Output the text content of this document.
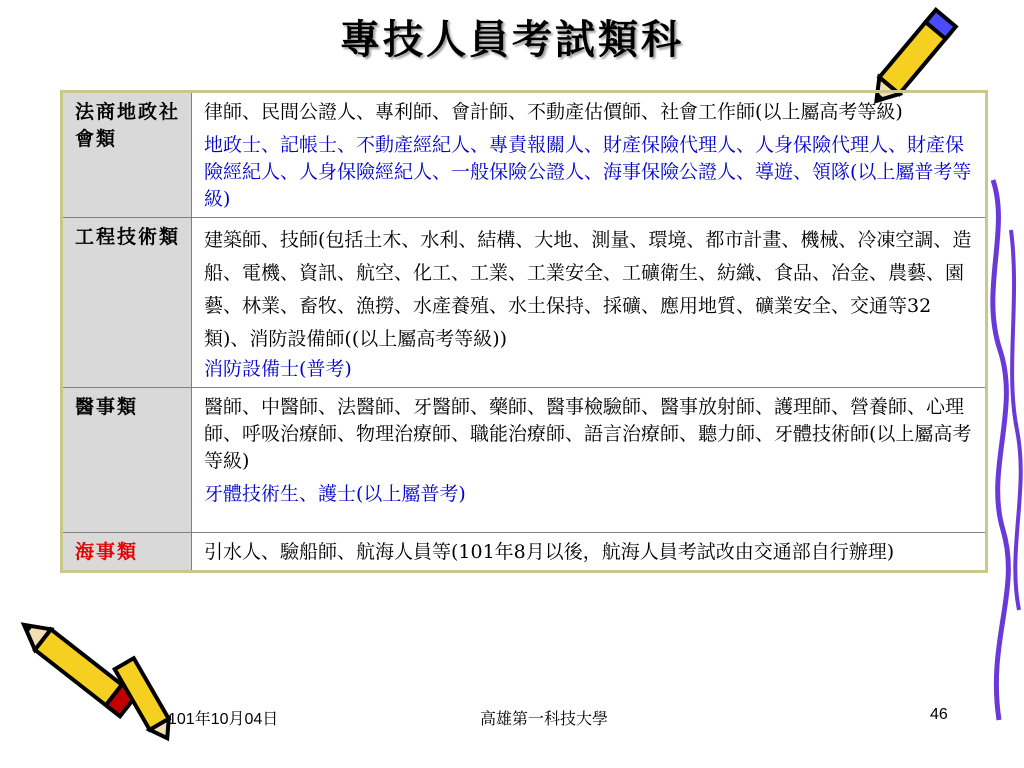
專技人員考試類科
法商地政社會類	律師、民間公證人、專利師、會計師、不動產估價師、社會工作師(以上屬高考等級)
地政士、記帳士、不動產經紀人、專責報關人、財產保險代理人、人身保險代理人、財產保險經紀人、人身保險經紀人、一般保險公證人、海事保險公證人、導遊、領隊(以上屬普考等級)

工程技術類	建築師、技師(包括土木、水利、結構、大地、測量、環境、都市計畫、機械、冷凍空調、造船、電機、資訊、航空、化工、工業、工業安全、工礦衛生、紡織、食品、冶金、農藝、園藝、林業、畜牧、漁撈、水產養殖、水土保持、採礦、應用地質、礦業安全、交通等32類)、消防設備師((以上屬高考等級))
消防設備士(普考)

醫事類	醫師、中醫師、法醫師、牙醫師、藥師、醫事檢驗師、醫事放射師、護理師、營養師、心理師、呼吸治療師、物理治療師、職能治療師、語言治療師、聽力師、牙體技術師(以上屬高考等級)
牙體技術生、護士(以上屬普考)

海事類	引水人、驗船師、航海人員等(101年8月以後，航海人員考試改由交通部自行辦理)
101年10月04日	高雄第一科技大學	46
